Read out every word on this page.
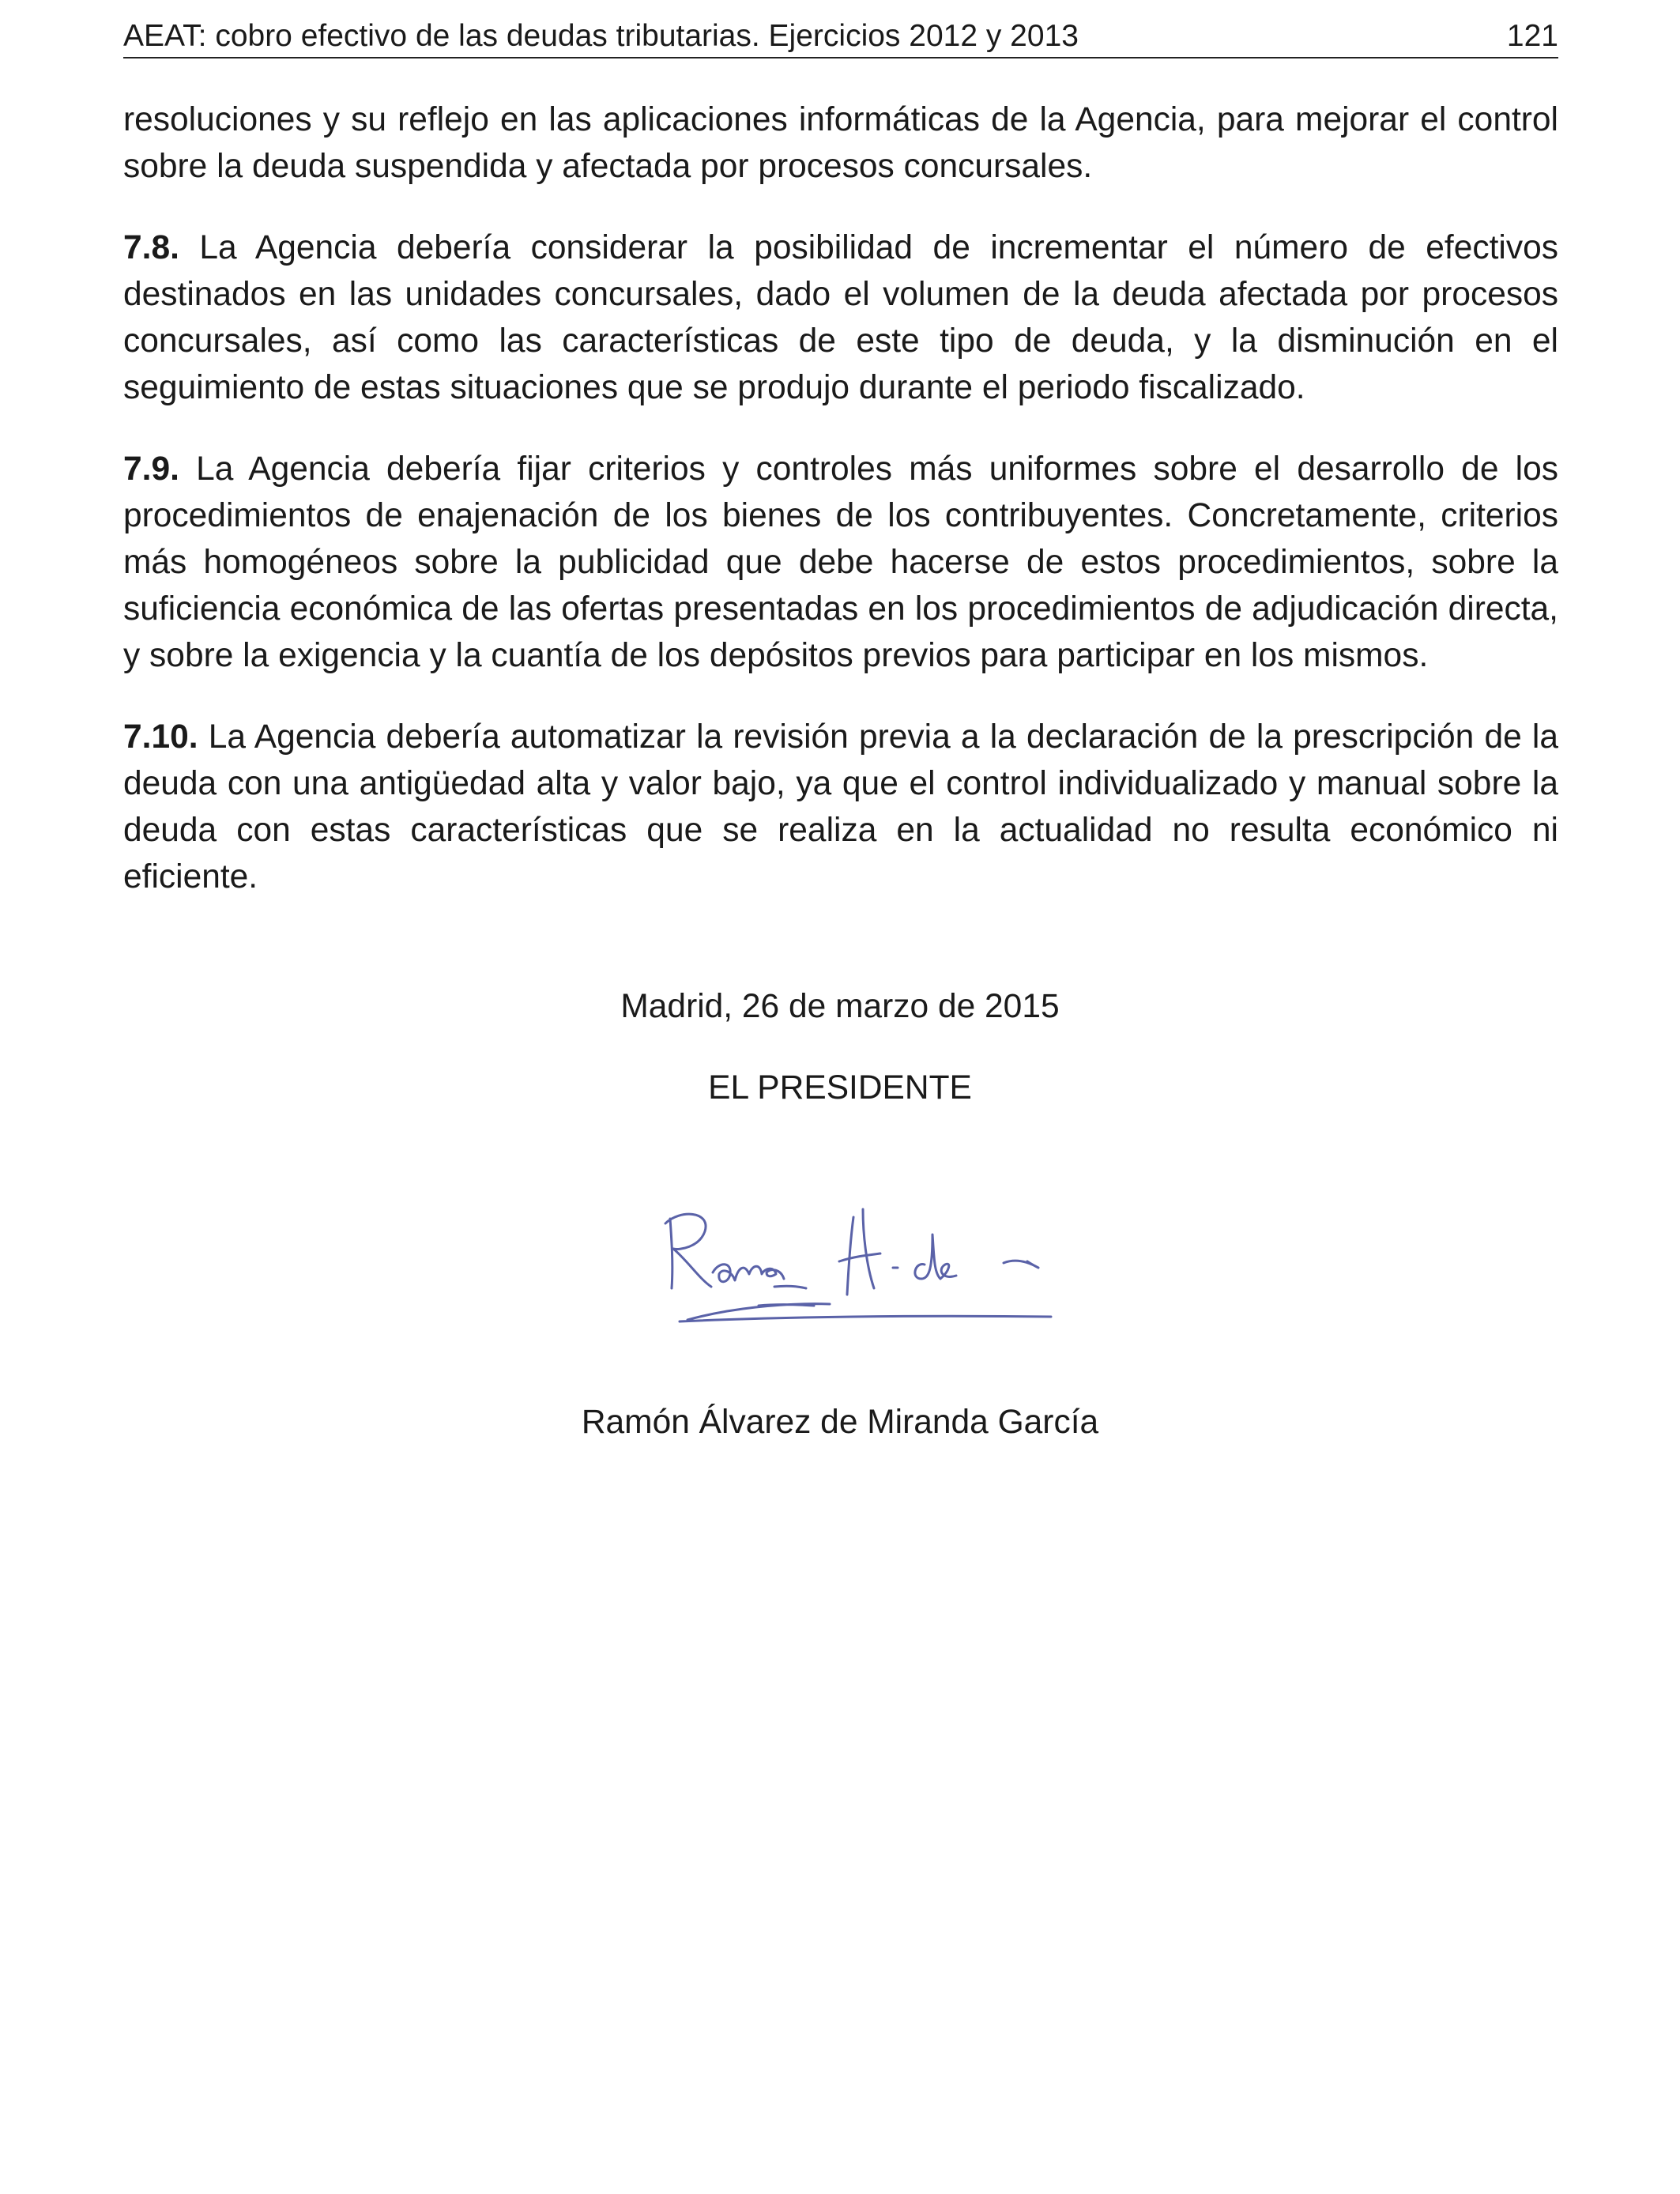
AEAT: cobro efectivo de las deudas tributarias. Ejercicios 2012 y 2013	121

resoluciones y su reflejo en las aplicaciones informáticas de la Agencia, para mejorar el control sobre la deuda suspendida y afectada por procesos concursales.

7.8. La Agencia debería considerar la posibilidad de incrementar el número de efectivos destinados en las unidades concursales, dado el volumen de la deuda afectada por procesos concursales, así como las características de este tipo de deuda, y la disminución en el seguimiento de estas situaciones que se produjo durante el periodo fiscalizado.

7.9. La Agencia debería fijar criterios y controles más uniformes sobre el desarrollo de los procedimientos de enajenación de los bienes de los contribuyentes. Concretamente, criterios más homogéneos sobre la publicidad que debe hacerse de estos procedimientos, sobre la suficiencia económica de las ofertas presentadas en los procedimientos de adjudicación directa, y sobre la exigencia y la cuantía de los depósitos previos para participar en los mismos.

7.10. La Agencia debería automatizar la revisión previa a la declaración de la prescripción de la deuda con una antigüedad alta y valor bajo, ya que el control individualizado y manual sobre la deuda con estas características que se realiza en la actualidad no resulta económico ni eficiente.

Madrid, 26 de marzo de 2015
EL PRESIDENTE
Ramón Álvarez de Miranda García
